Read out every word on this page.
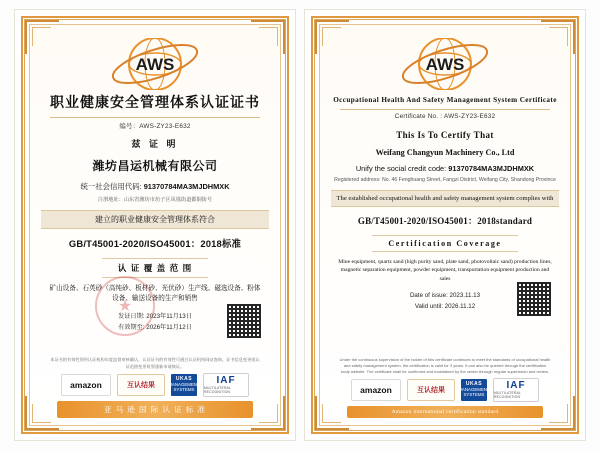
AWS
职业健康安全管理体系认证证书
编号：AWS-ZY23-E632
兹 证 明
潍坊昌运机械有限公司
统一社会信用代码: 91370784MA3MJDHMXK
注册地址：山东省潍坊市坊子区凤凰街道都铜街号
建立的职业健康安全管理体系符合
GB/T45001-2020/ISO45001：2018标准
认 证 覆 盖 范 围
矿山设备、石英砂（高纯砂、板材砂、光伏砂）生产线、磁选设备、粉体设备、输送设备的生产和销售
发证日期: 2023年11月13日
有效期至: 2026年11月12日
★
本证书的有效性须经认证机构年度监督审核确认，认证证书的有效性可通过认证机构网站查询。证书信息变更或认证范围变更时须重新申请换证。
amazon	互认结果
UKAS
MANAGEMENT
SYSTEMS
IAF
MULTILATERAL RECOGNITION
亚 马 逊 国 际 认 证 标 准
AWS
Occupational Health And Safety Management System Certificate
Certificate No. : AWS-ZY23-E632
This Is To Certify That
Weifang Changyun Machinery Co., Ltd
Unify the social credit code: 91370784MA3MJDHMXK
Registered address: No. 46 Fenghuang Street, Fangzi District, Weifang City, Shandong Province
The established occupational health and safety management system complies with
GB/T45001-2020/ISO45001：2018standard
Certification Coverage
Mine equipment, quartz sand (high purity sand, plate sand, photovoltaic sand) production lines, magnetic separation equipment, powder equipment, transportation equipment production and sales
Date of issue: 2023.11.13
Valid until: 2026.11.12
Under the continuous supervision of the holder of this certificate continues to meet the standards of occupational health and safety management system, the certification is valid for 3 years. It can also be queried through the certification body website. The certificate shall be confirmed and maintained by the center through regular supervision and review.
amazon	互认结果
UKAS
MANAGEMENT
SYSTEMS
IAF
MULTILATERAL RECOGNITION
Amazon international certification standard
